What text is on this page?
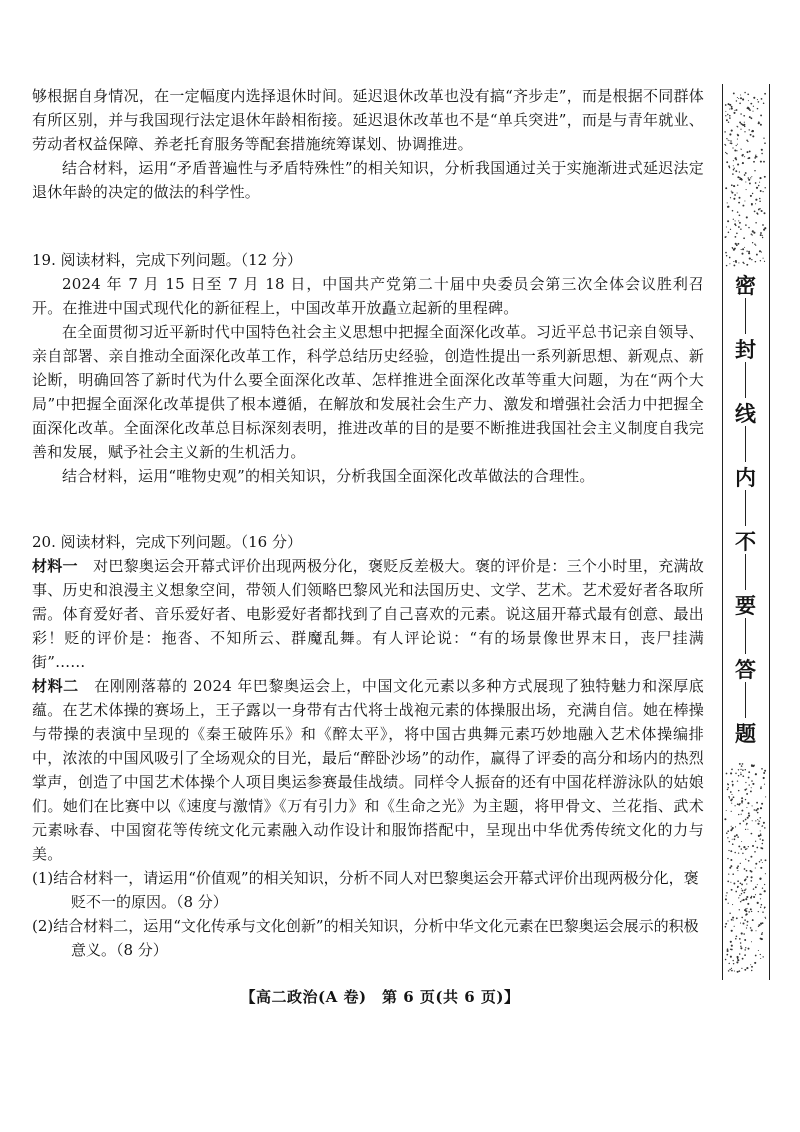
够根据自身情况，在一定幅度内选择退休时间。延迟退休改革也没有搞“齐步走”，而是根据不同群体有所区别，并与我国现行法定退休年龄相衔接。延迟退休改革也不是“单兵突进”，而是与青年就业、劳动者权益保障、养老托育服务等配套措施统筹谋划、协调推进。

结合材料，运用“矛盾普遍性与矛盾特殊性”的相关知识，分析我国通过关于实施渐进式延迟法定退休年龄的决定的做法的科学性。

19. 阅读材料，完成下列问题。（12 分）

2024 年 7 月 15 日至 7 月 18 日，中国共产党第二十届中央委员会第三次全体会议胜利召开。在推进中国式现代化的新征程上，中国改革开放矗立起新的里程碑。

在全面贯彻习近平新时代中国特色社会主义思想中把握全面深化改革。习近平总书记亲自领导、亲自部署、亲自推动全面深化改革工作，科学总结历史经验，创造性提出一系列新思想、新观点、新论断，明确回答了新时代为什么要全面深化改革、怎样推进全面深化改革等重大问题，为在“两个大局”中把握全面深化改革提供了根本遵循，在解放和发展社会生产力、激发和增强社会活力中把握全面深化改革。全面深化改革总目标深刻表明，推进改革的目的是要不断推进我国社会主义制度自我完善和发展，赋予社会主义新的生机活力。

结合材料，运用“唯物史观”的相关知识，分析我国全面深化改革做法的合理性。

20. 阅读材料，完成下列问题。（16 分）

材料一　 对巴黎奥运会开幕式评价出现两极分化，褒贬反差极大。褒的评价是：三个小时里，充满故事、历史和浪漫主义想象空间，带领人们领略巴黎风光和法国历史、文学、艺术。艺术爱好者各取所需。体育爱好者、音乐爱好者、电影爱好者都找到了自己喜欢的元素。说这届开幕式最有创意、最出彩！贬的评价是：拖沓、不知所云、群魔乱舞。有人评论说：“有的场景像世界末日，丧尸挂满街”……

材料二　 在刚刚落幕的 2024 年巴黎奥运会上，中国文化元素以多种方式展现了独特魅力和深厚底蕴。在艺术体操的赛场上，王子露以一身带有古代将士战袍元素的体操服出场，充满自信。她在棒操与带操的表演中呈现的《秦王破阵乐》和《醉太平》，将中国古典舞元素巧妙地融入艺术体操编排中，浓浓的中国风吸引了全场观众的目光，最后“醉卧沙场”的动作，赢得了评委的高分和场内的热烈掌声，创造了中国艺术体操个人项目奥运参赛最佳战绩。同样令人振奋的还有中国花样游泳队的姑娘们。她们在比赛中以《速度与激情》《万有引力》和《生命之光》为主题，将甲骨文、兰花指、武术元素咏春、中国窗花等传统文化元素融入动作设计和服饰搭配中，呈现出中华优秀传统文化的力与美。

(1)结合材料一，请运用“价值观”的相关知识，分析不同人对巴黎奥运会开幕式评价出现两极分化，褒贬不一的原因。（8 分）

(2)结合材料二，运用“文化传承与文化创新”的相关知识，分析中华文化元素在巴黎奥运会展示的积极意义。（8 分）

【高二政治(A 卷)　第 6 页(共 6 页)】
密
封
线
内
不
要
答
题
